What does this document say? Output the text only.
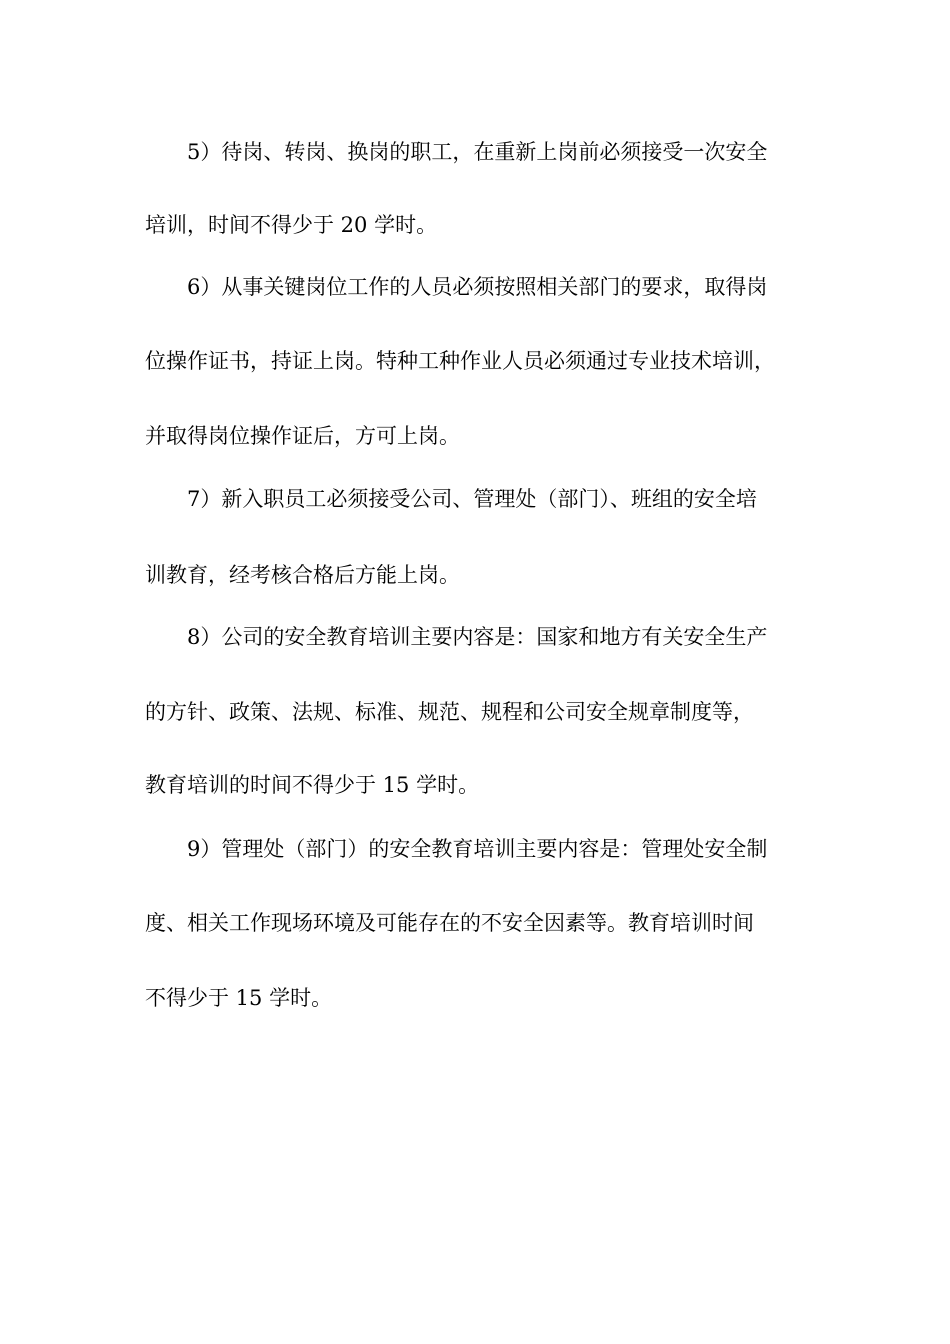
5）待岗、转岗、换岗的职工，在重新上岗前必须接受一次安全
培训，时间不得少于 20 学时。
6）从事关键岗位工作的人员必须按照相关部门的要求，取得岗
位操作证书，持证上岗。特种工种作业人员必须通过专业技术培训，
并取得岗位操作证后，方可上岗。
7）新入职员工必须接受公司、管理处（部门）、班组的安全培
训教育，经考核合格后方能上岗。
8）公司的安全教育培训主要内容是：国家和地方有关安全生产
的方针、政策、法规、标准、规范、规程和公司安全规章制度等，
教育培训的时间不得少于 15 学时。
9）管理处（部门）的安全教育培训主要内容是：管理处安全制
度、相关工作现场环境及可能存在的不安全因素等。教育培训时间
不得少于 15 学时。
